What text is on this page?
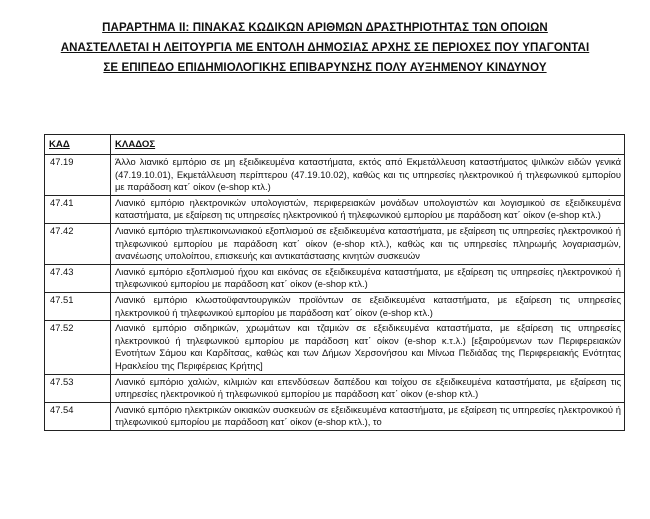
ΠΑΡΑΡΤΗΜΑ ΙΙ: ΠΙΝΑΚΑΣ ΚΩΔΙΚΩΝ ΑΡΙΘΜΩΝ ΔΡΑΣΤΗΡΙΟΤΗΤΑΣ ΤΩΝ ΟΠΟΙΩΝ ΑΝΑΣΤΕΛΛΕΤΑΙ Η ΛΕΙΤΟΥΡΓΙΑ ΜΕ ΕΝΤΟΛΗ ΔΗΜΟΣΙΑΣ ΑΡΧΗΣ ΣΕ ΠΕΡΙΟΧΕΣ ΠΟΥ ΥΠΑΓΟΝΤΑΙ ΣΕ ΕΠΙΠΕΔΟ ΕΠΙΔΗΜΙΟΛΟΓΙΚΗΣ ΕΠΙΒΑΡΥΝΣΗΣ ΠΟΛΥ ΑΥΞΗΜΕΝΟΥ ΚΙΝΔΥΝΟΥ
ΚΑΔ	ΚΛΑΔΟΣ
47.19	Άλλο λιανικό εμπόριο σε μη εξειδικευμένα καταστήματα, εκτός από Εκμετάλλευση καταστήματος ψιλικών ειδών γενικά (47.19.10.01), Εκμετάλλευση περίπτερου (47.19.10.02), καθώς και τις υπηρεσίες ηλεκτρονικού ή τηλεφωνικού εμπορίου με παράδοση κατ΄ οίκον (e-shop κτλ.)
47.41	Λιανικό εμπόριο ηλεκτρονικών υπολογιστών, περιφερειακών μονάδων υπολογιστών και λογισμικού σε εξειδικευμένα καταστήματα, με εξαίρεση τις υπηρεσίες ηλεκτρονικού ή τηλεφωνικού εμπορίου με παράδοση κατ΄ οίκον (e-shop κτλ.)
47.42	Λιανικό εμπόριο τηλεπικοινωνιακού εξοπλισμού σε εξειδικευμένα καταστήματα, με εξαίρεση τις υπηρεσίες ηλεκτρονικού ή τηλεφωνικού εμπορίου με παράδοση κατ΄ οίκον (e-shop κτλ.), καθώς και τις υπηρεσίες πληρωμής λογαριασμών, ανανέωσης υπολοίπου, επισκευής και αντικατάστασης κινητών συσκευών
47.43	Λιανικό εμπόριο εξοπλισμού ήχου και εικόνας σε εξειδικευμένα καταστήματα, με εξαίρεση τις υπηρεσίες ηλεκτρονικού ή τηλεφωνικού εμπορίου με παράδοση κατ΄ οίκον (e-shop κτλ.)
47.51	Λιανικό εμπόριο κλωστοϋφαντουργικών προϊόντων σε εξειδικευμένα καταστήματα, με εξαίρεση τις υπηρεσίες ηλεκτρονικού ή τηλεφωνικού εμπορίου με παράδοση κατ΄ οίκον (e-shop κτλ.)
47.52	Λιανικό εμπόριο σιδηρικών, χρωμάτων και τζαμιών σε εξειδικευμένα καταστήματα, με εξαίρεση τις υπηρεσίες ηλεκτρονικού ή τηλεφωνικού εμπορίου με παράδοση κατ΄ οίκον (e-shop κ.τ.λ.) [εξαιρούμενων των Περιφερειακών Ενοτήτων Σάμου και Καρδίτσας, καθώς και των Δήμων Χερσονήσου και Μίνωα Πεδιάδας της Περιφερειακής Ενότητας Ηρακλείου της Περιφέρειας Κρήτης]
47.53	Λιανικό εμπόριο χαλιών, κιλιμιών και επενδύσεων δαπέδου και τοίχου σε εξειδικευμένα καταστήματα, με εξαίρεση τις υπηρεσίες ηλεκτρονικού ή τηλεφωνικού εμπορίου με παράδοση κατ΄ οίκον (e-shop κτλ.)
47.54	Λιανικό εμπόριο ηλεκτρικών οικιακών συσκευών σε εξειδικευμένα καταστήματα, με εξαίρεση τις υπηρεσίες ηλεκτρονικού ή τηλεφωνικού εμπορίου με παράδοση κατ΄ οίκον (e-shop κτλ.), το
